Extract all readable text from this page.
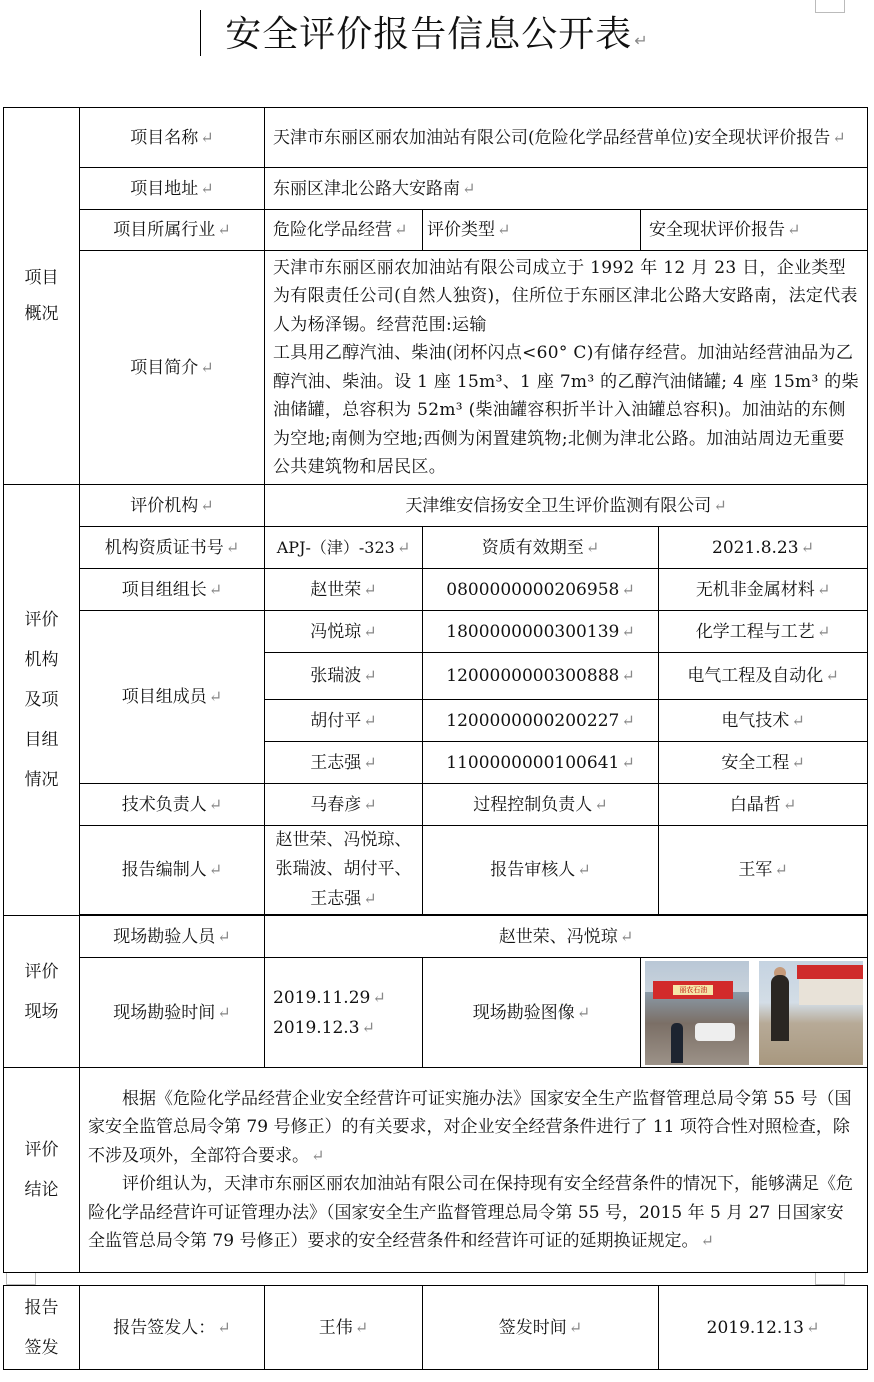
安全评价报告信息公开表 ↵
项目概况	项目名称 ↵	天津市东丽区丽农加油站有限公司(危险化学品经营单位)安全现状评价报告 ↵			
	项目地址 ↵	东丽区津北公路大安路南 ↵			
	项目所属行业 ↵	危险化学品经营 ↵	评价类型 ↵	安全现状评价报告 ↵	
	项目简介 ↵	天津市东丽区丽农加油站有限公司成立于 1992 年 12 月 23 日，企业类型为有限责任公司(自然人独资)，住所位于东丽区津北公路大安路南，法定代表人为杨泽锡。经营范围:运输
工具用乙醇汽油、柴油(闭杯闪点<60° C)有储存经营。加油站经营油品为乙醇汽油、柴油。设 1 座 15m³、1 座 7m³ 的乙醇汽油储罐; 4 座 15m³ 的柴油储罐，总容积为 52m³ (柴油罐容积折半计入油罐总容积)。加油站的东侧为空地;南侧为空地;西侧为闲置建筑物;北侧为津北公路。加油站周边无重要公共建筑物和居民区。			

评价机构及项目组情况	评价机构 ↵	天津维安信扬安全卫生评价监测有限公司 ↵			
	机构资质证书号 ↵	APJ-（津）-323 ↵	资质有效期至 ↵		2021.8.23 ↵
	项目组组长 ↵	赵世荣 ↵	0800000000206958 ↵		无机非金属材料 ↵
	项目组成员 ↵	冯悦琼 ↵	1800000000300139 ↵		化学工程与工艺 ↵
		张瑞波 ↵	1200000000300888 ↵		电气工程及自动化 ↵
		胡付平 ↵	1200000000200227 ↵		电气技术 ↵
		王志强 ↵	1100000000100641 ↵		安全工程 ↵
	技术负责人 ↵	马春彦 ↵	过程控制负责人 ↵		白晶哲 ↵
	报告编制人 ↵	赵世荣、冯悦琼、张瑞波、胡付平、王志强 ↵	报告审核人 ↵		王军 ↵

评价现场	现场勘验人员 ↵	赵世荣、冯悦琼 ↵			
	现场勘验时间 ↵	2019.11.29 ↵
2019.12.3 ↵	现场勘验图像 ↵	丽农石油	

评价结论	根据《危险化学品经营企业安全经营许可证实施办法》国家安全生产监督管理总局令第 55 号（国家安全监管总局令第 79 号修正）的有关要求，对企业安全经营条件进行了 11 项符合性对照检查，除不涉及项外，全部符合要求。 ↵
评价组认为，天津市东丽区丽农加油站有限公司在保持现有安全经营条件的情况下，能够满足《危险化学品经营许可证管理办法》（国家安全生产监督管理总局令第 55 号，2015 年 5 月 27 日国家安全监管总局令第 79 号修正）要求的安全经营条件和经营许可证的延期换证规定。 ↵				
报告签发	报告签发人： ↵	王伟 ↵	签发时间 ↵	2019.12.13 ↵
